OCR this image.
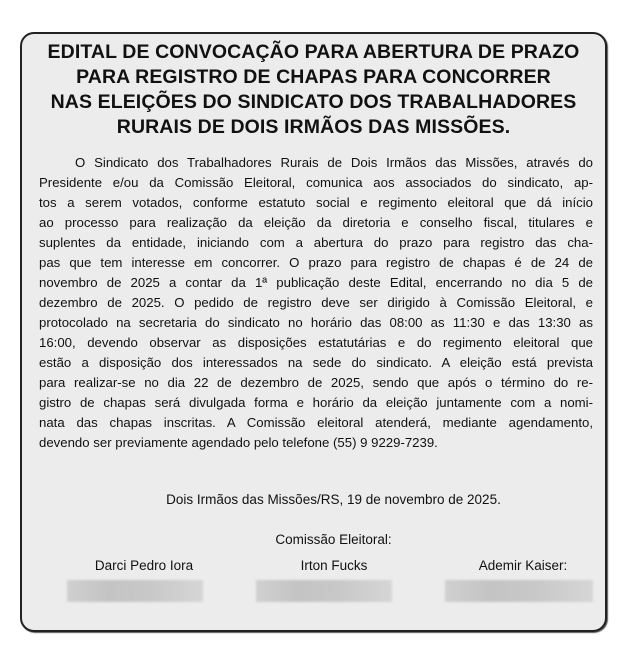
EDITAL DE CONVOCAÇÃO PARA ABERTURA DE PRAZO
PARA REGISTRO DE CHAPAS PARA CONCORRER
NAS ELEIÇÕES DO SINDICATO DOS TRABALHADORES
RURAIS DE DOIS IRMÃOS DAS MISSÕES.
O Sindicato dos Trabalhadores Rurais de Dois Irmãos das Missões, através do
Presidente e/ou da Comissão Eleitoral, comunica aos associados do sindicato, ap-
tos a serem votados, conforme estatuto social e regimento eleitoral que dá início
ao processo para realização da eleição da diretoria e conselho fiscal, titulares e
suplentes da entidade, iniciando com a abertura do prazo para registro das cha-
pas que tem interesse em concorrer. O prazo para registro de chapas é de 24 de
novembro de 2025 a contar da 1ª publicação deste Edital, encerrando no dia 5 de
dezembro de 2025. O pedido de registro deve ser dirigido à Comissão Eleitoral, e
protocolado na secretaria do sindicato no horário das 08:00 as 11:30 e das 13:30 as
16:00, devendo observar as disposições estatutárias e do regimento eleitoral que
estão a disposição dos interessados na sede do sindicato. A eleição está prevista
para realizar-se no dia 22 de dezembro de 2025, sendo que após o término do re-
gistro de chapas será divulgada forma e horário da eleição juntamente com a nomi-
nata das chapas inscritas. A Comissão eleitoral atenderá, mediante agendamento,
devendo ser previamente agendado pelo telefone (55) 9 9229-7239.
Dois Irmãos das Missões/RS, 19 de novembro de 2025.
Comissão Eleitoral:
Darci Pedro Iora	Irton Fucks	Ademir Kaiser:
